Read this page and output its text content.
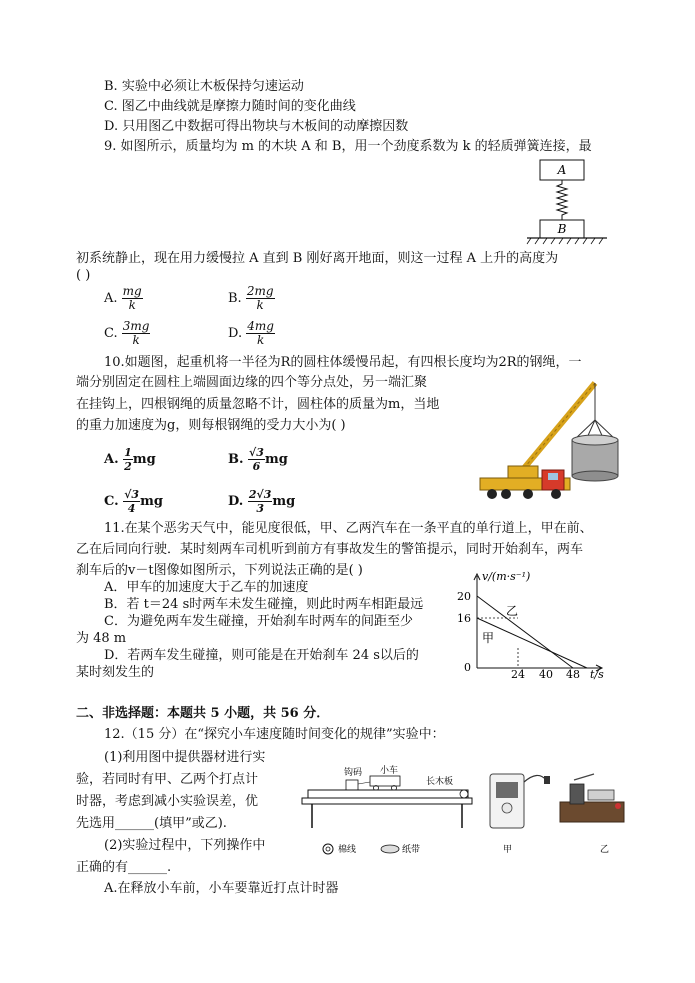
B. 实验中必须让木板保持匀速运动
C. 图乙中曲线就是摩擦力随时间的变化曲线
D. 只用图乙中数据可得出物块与木板间的动摩擦因数
9. 如图所示，质量均为 m 的木块 A 和 B，用一个劲度系数为 k 的轻质弹簧连接，最
A
B
初系统静止，现在用力缓慢拉 A 直到 B 刚好离开地面，则这一过程 A 上升的高度为
( )
A. $\frac{mg}{k}$	B. $\frac{2mg}{k}$
C. $\frac{3mg}{k}$	D. $\frac{4mg}{k}$
10.如题图，起重机将一半径为R的圆柱体缓慢吊起，有四根长度均为2R的钢绳，一
端分别固定在圆柱上端圆面边缘的四个等分点处，另一端汇聚
在挂钩上，四根钢绳的质量忽略不计，圆柱体的质量为m，当地
的重力加速度为g，则每根钢绳的受力大小为( )
A. $\frac{1}{2}$ mg	B. $\frac{√3}{6}$ mg
C. $\frac{√3}{4}$ mg	D. $\frac{2√3}{3}$ mg
11.在某个恶劣天气中，能见度很低，甲、乙两汽车在一条平直的单行道上，甲在前、
乙在后同向行驶．某时刻两车司机听到前方有事故发生的警笛提示，同时开始刹车，两车
刹车后的v－t图像如图所示，下列说法正确的是( )
A．甲车的加速度大于乙车的加速度
B．若 t＝24 s时两车未发生碰撞，则此时两车相距最远
C．为避免两车发生碰撞，开始刹车时两车的间距至少
为 48 m
D．若两车发生碰撞，则可能是在开始刹车 24 s以后的
某时刻发生的
v/(m·s⁻¹)
t/s
20
16
0
24 40 48
乙
甲
二、非选择题：本题共 5 小题，共 56 分．
12.（15 分）在“探究小车速度随时间变化的规律”实验中：
(1)利用图中提供器材进行实
验，若同时有甲、乙两个打点计
时器，考虑到减小实验误差，优
先选用______(填甲”或乙).
(2)实验过程中，下列操作中
正确的有______.
A.在释放小车前，小车要靠近打点计时器
钩码 小车
长木板
棉线	纸带	甲	乙
